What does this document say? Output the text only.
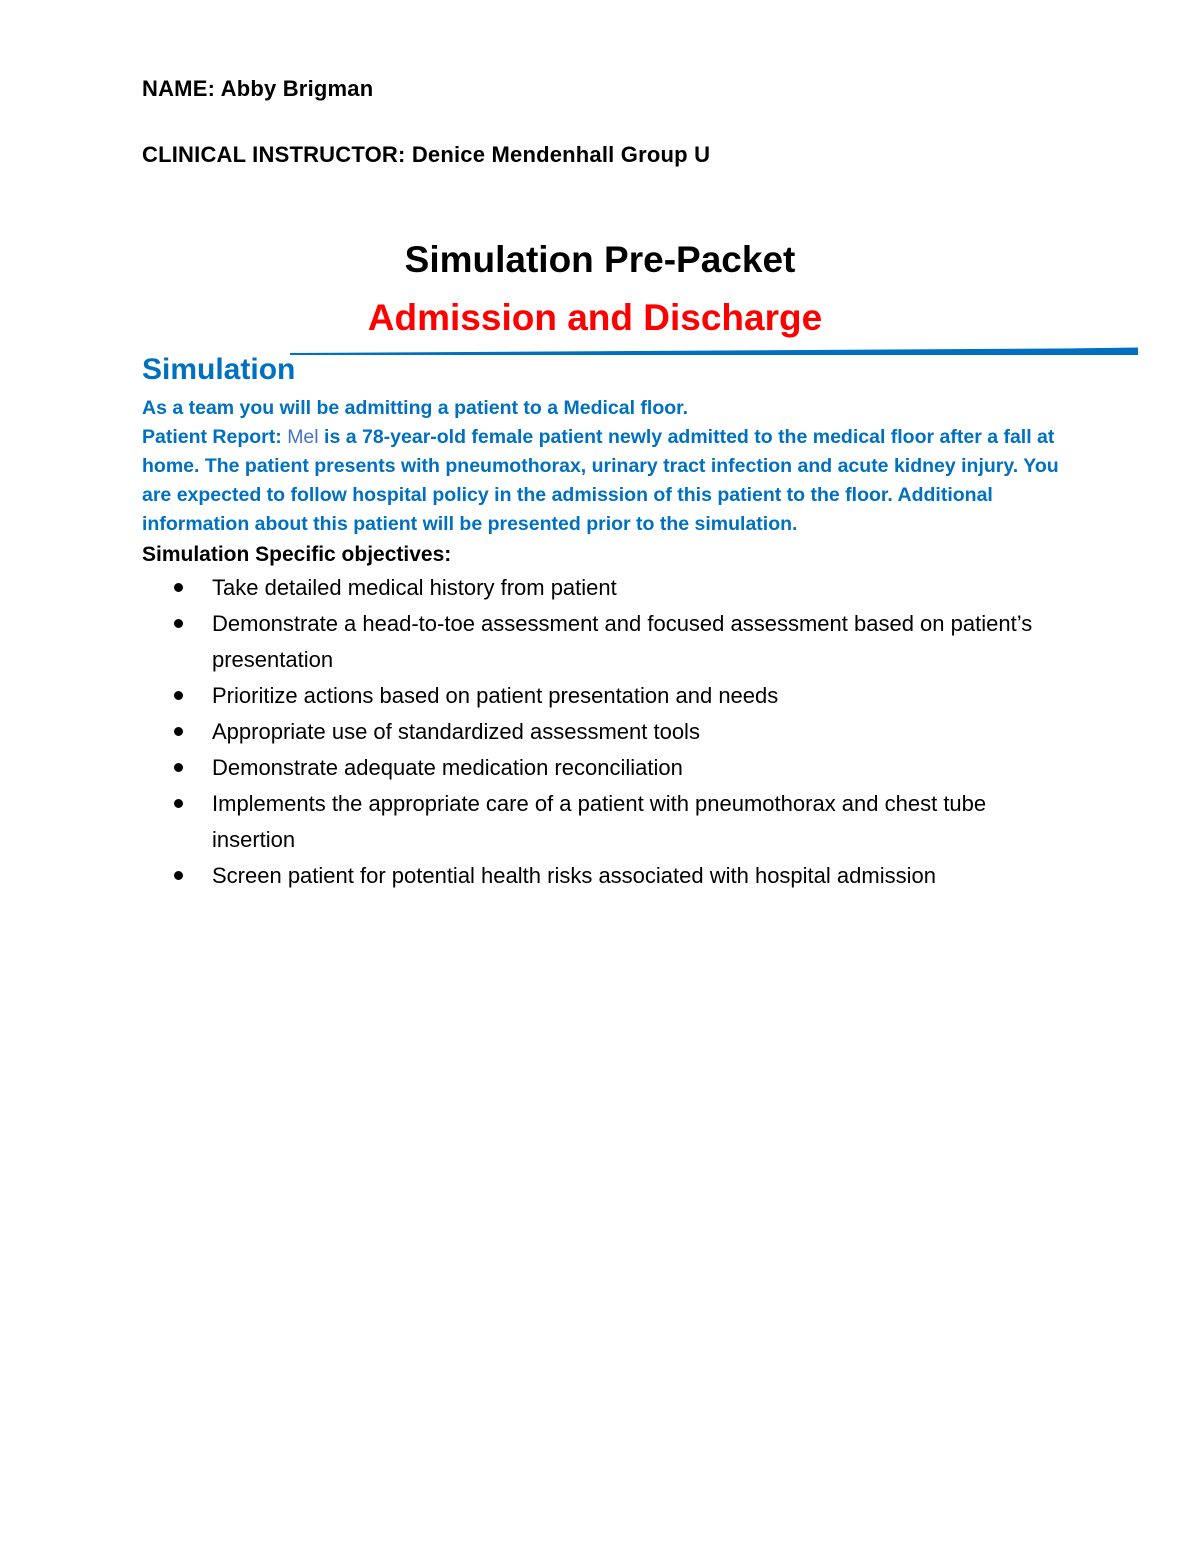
NAME: Abby Brigman
CLINICAL INSTRUCTOR: Denice Mendenhall Group U
Simulation Pre-Packet
Admission and Discharge
Simulation

As a team you will be admitting a patient to a Medical floor.

Patient Report: Mel is a 78-year-old female patient newly admitted to the medical floor after a fall at home. The patient presents with pneumothorax, urinary tract infection and acute kidney injury. You are expected to follow hospital policy in the admission of this patient to the floor. Additional information about this patient will be presented prior to the simulation.

Simulation Specific objectives:
Take detailed medical history from patient
Demonstrate a head-to-toe assessment and focused assessment based on patient’s presentation
Prioritize actions based on patient presentation and needs
Appropriate use of standardized assessment tools
Demonstrate adequate medication reconciliation
Implements the appropriate care of a patient with pneumothorax and chest tube insertion
Screen patient for potential health risks associated with hospital admission
